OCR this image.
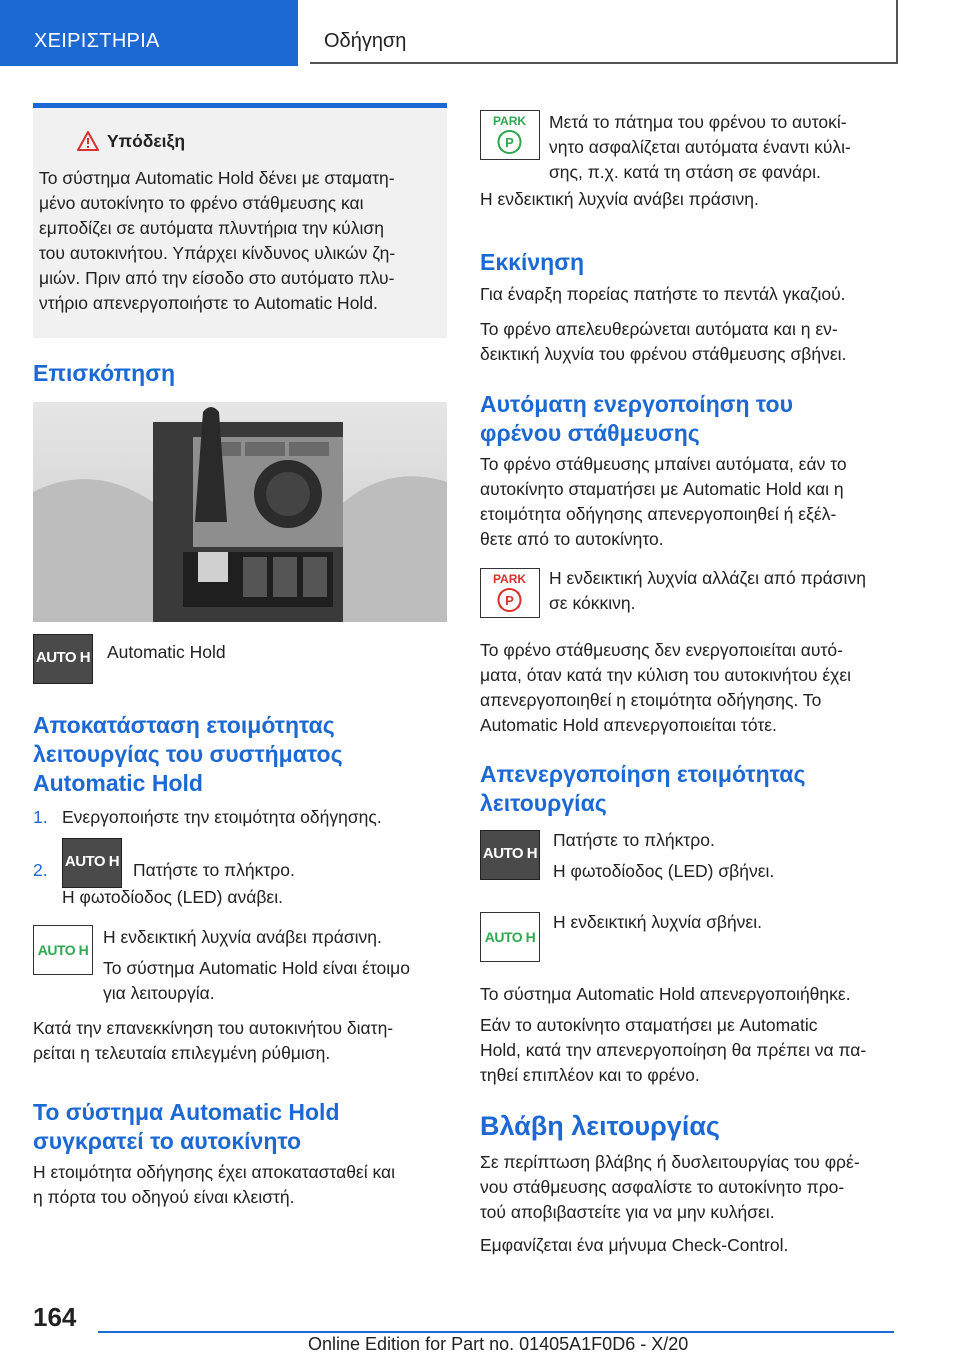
ΧΕΙΡΙΣΤΗΡΙΑ	Οδήγηση
Υπόδειξη

Το σύστημα Automatic Hold δένει με σταματη‐

μένο αυτοκίνητο το φρένο στάθμευσης και

εμποδίζει σε αυτόματα πλυντήρια την κύλιση

του αυτοκινήτου. Υπάρχει κίνδυνος υλικών ζη‐

μιών. Πριν από την είσοδο στο αυτόματο πλυ‐

ντήριο απενεργοποιήστε το Automatic Hold.

Επισκόπηση
AUTO H Automatic Hold

Αποκατάσταση ετοιμότητας
λειτουργίας του συστήματος
Automatic Hold

1. Ενεργοποιήστε την ετοιμότητα οδήγησης.

2. AUTO H Πατήστε το πλήκτρο.

Η φωτοδίοδος (LED) ανάβει.

AUTO H

Η ενδεικτική λυχνία ανάβει πράσινη.

Το σύστημα Automatic Hold είναι έτοιμο

για λειτουργία.

Κατά την επανεκκίνηση του αυτοκινήτου διατη‐

ρείται η τελευταία επιλεγμένη ρύθμιση.

Το σύστημα Automatic Hold
συγκρατεί το αυτοκίνητο

Η ετοιμότητα οδήγησης έχει αποκατασταθεί και

η πόρτα του οδηγού είναι κλειστή.

PARK
P

Μετά το πάτημα του φρένου το αυτοκί‐

νητο ασφαλίζεται αυτόματα έναντι κύλι‐

σης, π.χ. κατά τη στάση σε φανάρι.

Η ενδεικτική λυχνία ανάβει πράσινη.

Εκκίνηση

Για έναρξη πορείας πατήστε το πεντάλ γκαζιού.

Το φρένο απελευθερώνεται αυτόματα και η εν‐

δεικτική λυχνία του φρένου στάθμευσης σβήνει.

Αυτόματη ενεργοποίηση του
φρένου στάθμευσης

Το φρένο στάθμευσης μπαίνει αυτόματα, εάν το

αυτοκίνητο σταματήσει με Automatic Hold και η

ετοιμότητα οδήγησης απενεργοποιηθεί ή εξέλ‐

θετε από το αυτοκίνητο.

PARK
P

Η ενδεικτική λυχνία αλλάζει από πράσινη

σε κόκκινη.

Το φρένο στάθμευσης δεν ενεργοποιείται αυτό‐

ματα, όταν κατά την κύλιση του αυτοκινήτου έχει

απενεργοποιηθεί η ετοιμότητα οδήγησης. Το

Automatic Hold απενεργοποιείται τότε.

Απενεργοποίηση ετοιμότητας
λειτουργίας
AUTO H

Πατήστε το πλήκτρο.

Η φωτοδίοδος (LED) σβήνει.

AUTO H

Η ενδεικτική λυχνία σβήνει.

Το σύστημα Automatic Hold απενεργοποιήθηκε.

Εάν το αυτοκίνητο σταματήσει με Automatic

Hold, κατά την απενεργοποίηση θα πρέπει να πα‐

τηθεί επιπλέον και το φρένο.

Βλάβη λειτουργίας

Σε περίπτωση βλάβης ή δυσλειτουργίας του φρέ‐

νου στάθμευσης ασφαλίστε το αυτοκίνητο προ‐

τού αποβιβαστείτε για να μην κυλήσει.

Εμφανίζεται ένα μήνυμα Check-Control.

164
Online Edition for Part no. 01405A1F0D6 - X/20
